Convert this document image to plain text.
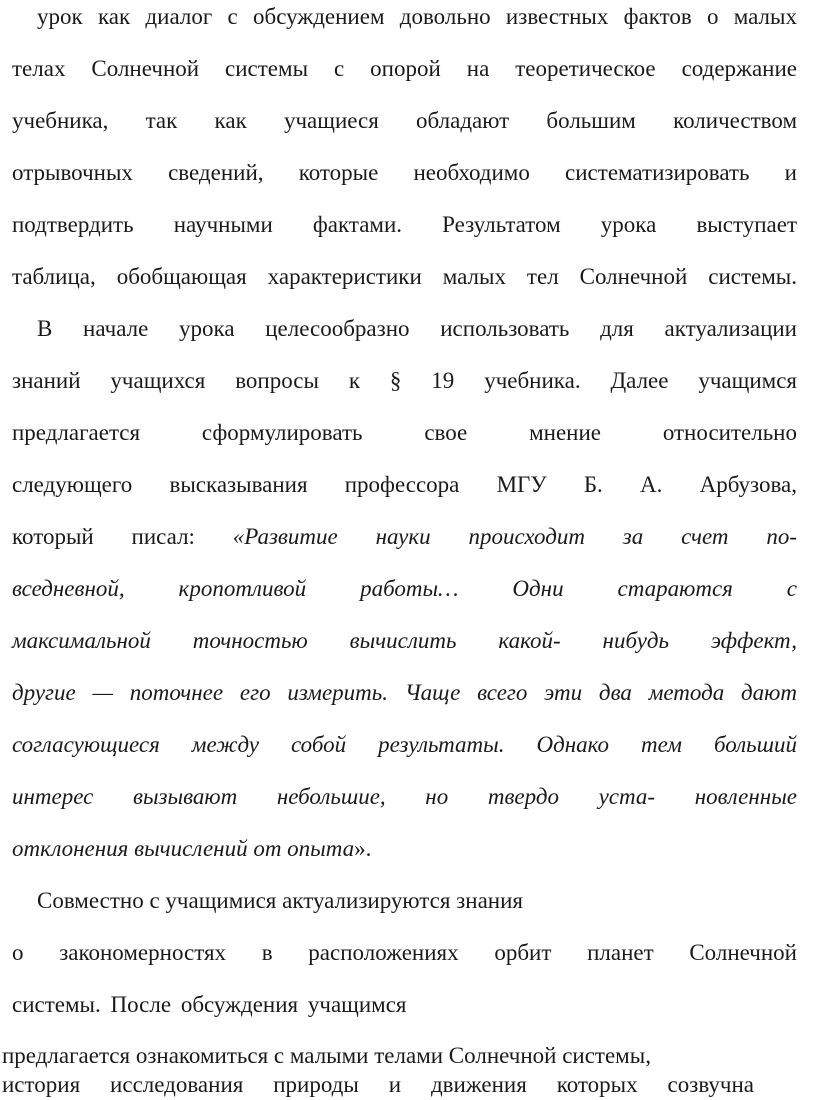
урок как диалог с обсуждением довольно известных фактов о малых
телах Солнечной системы с опорой на теоретическое содержание
учебника, так как учащиеся обладают большим количеством
отрывочных сведений, которые необходимо систематизировать и
подтвердить научными фактами. Результатом урока выступает
таблица, обобщающая характеристики малых тел Солнечной системы.
В начале урока целесообразно использовать для актуализации
знаний учащихся вопросы к § 19 учебника. Далее учащимся
предлагается сформулировать свое мнение относительно
следующего высказывания профессора МГУ Б. А. Арбузова,
который писал: «Развитие науки происходит за счет по-
вседневной, кропотливой работы… Одни стараются с
максимальной точностью вычислить какой- нибудь эффект,
другие — поточнее его измерить. Чаще всего эти два метода дают
согласующиеся между собой результаты. Однако тем больший
интерес вызывают небольшие, но твердо уста- новленные
отклонения вычислений от опыта».
Совместно с учащимися актуализируются знания
о закономерностях в расположениях орбит планет Солнечной
системы. После обсуждения учащимся
предлагается ознакомиться с малыми телами Солнечной системы,
история исследования природы и движения которых созвучна
